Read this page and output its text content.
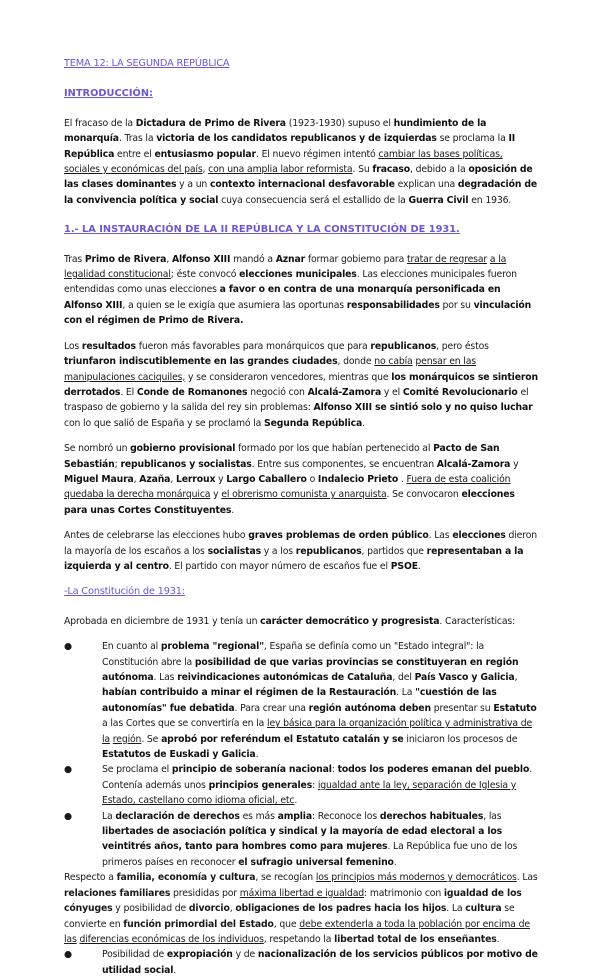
TEMA 12: LA SEGUNDA REPÚBLICA
INTRODUCCIÓN:

El fracaso de la Dictadura de Primo de Rivera (1923-1930) supuso el hundimiento de la monarquía. Tras la victoria de los candidatos republicanos y de izquierdas se proclama la II República entre el entusiasmo popular. El nuevo régimen intentó cambiar las bases políticas, sociales y económicas del país, con una amplia labor reformista. Su fracaso, debido a la oposición de las clases dominantes y a un contexto internacional desfavorable explican una degradación de la convivencia política y social cuya consecuencia será el estallido de la Guerra Civil en 1936.

1.- LA INSTAURACIÓN DE LA II REPÚBLICA Y LA CONSTITUCIÓN DE 1931.

Tras Primo de Rivera, Alfonso XIII mandó a Aznar formar gobierno para tratar de regresar a la legalidad constitucional; éste convocó elecciones municipales. Las elecciones municipales fueron entendidas como unas elecciones a favor o en contra de una monarquía personificada en Alfonso XIII, a quien se le exigía que asumiera las oportunas responsabilidades por su vinculación con el régimen de Primo de Rivera.

Los resultados fueron más favorables para monárquicos que para republicanos, pero éstos triunfaron indiscutiblemente en las grandes ciudades, donde no cabía pensar en las manipulaciones caciquiles, y se consideraron vencedores, mientras que los monárquicos se sintieron derrotados. El Conde de Romanones negoció con Alcalá-Zamora y el Comité Revolucionario el traspaso de gobierno y la salida del rey sin problemas: Alfonso XIII se sintió solo y no quiso luchar con lo que salió de España y se proclamó la Segunda República.

Se nombró un gobierno provisional formado por los que habían pertenecido al Pacto de San Sebastián; republicanos y socialistas. Entre sus componentes, se encuentran Alcalá-Zamora y Miguel Maura, Azaña, Lerroux y Largo Caballero o Indalecio Prieto . Fuera de esta coalición quedaba la derecha monárquica y el obrerismo comunista y anarquista. Se convocaron elecciones para unas Cortes Constituyentes.

Antes de celebrarse las elecciones hubo graves problemas de orden público. Las elecciones dieron la mayoría de los escaños a los socialistas y a los republicanos, partidos que representaban a la izquierda y al centro. El partido con mayor número de escaños fue el PSOE.

-La Constitución de 1931:

Aprobada en diciembre de 1931 y tenía un carácter democrático y progresista. Características:

●	En cuanto al problema "regional", España se definía como un "Estado integral": la Constitución abre la posibilidad de que varias provincias se constituyeran en región autónoma. Las reivindicaciones autonómicas de Cataluña, del País Vasco y Galicia, habían contribuido a minar el régimen de la Restauración. La "cuestión de las autonomías" fue debatida. Para crear una región autónoma deben presentar su Estatuto a las Cortes que se convertiría en la ley básica para la organización política y administrativa de la región. Se aprobó por referéndum el Estatuto catalán y se iniciaron los procesos de Estatutos de Euskadi y Galicia.
●	Se proclama el principio de soberanía nacional: todos los poderes emanan del pueblo. Contenía además unos principios generales: igualdad ante la ley, separación de Iglesia y Estado, castellano como idioma oficial, etc.
●	La declaración de derechos es más amplia: Reconoce los derechos habituales, las libertades de asociación política y sindical y la mayoría de edad electoral a los veintitrés años, tanto para hombres como para mujeres. La República fue uno de los primeros países en reconocer el sufragio universal femenino.

Respecto a familia, economía y cultura, se recogían los principios más modernos y democráticos. Las relaciones familiares presididas por máxima libertad e igualdad: matrimonio con igualdad de los cónyuges y posibilidad de divorcio, obligaciones de los padres hacia los hijos. La cultura se convierte en función primordial del Estado, que debe extenderla a toda la población por encima de las diferencias económicas de los individuos, respetando la libertad total de los enseñantes.

●	Posibilidad de expropiación y de nacionalización de los servicios públicos por motivo de utilidad social.
